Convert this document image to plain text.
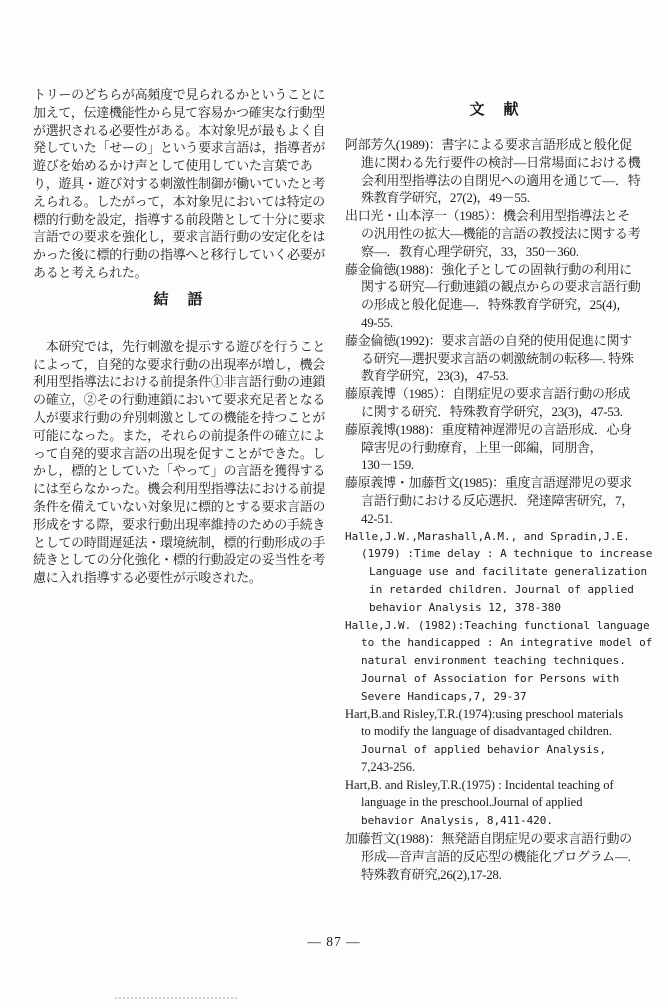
トリーのどちらが高頻度で見られるかということに
加えて，伝達機能性から見て容易かつ確実な行動型
が選択される必要性がある。本対象児が最もよく自
発していた「せーの」という要求言語は，指導者が
遊びを始めるかけ声として使用していた言葉であ
り，遊具・遊び対する刺激性制御が働いていたと考
えられる。したがって，本対象児においては特定の
標的行動を設定，指導する前段階として十分に要求
言語での要求を強化し，要求言語行動の安定化をは
かった後に標的行動の指導へと移行していく必要が
あると考えられた。
結　語
　本研究では，先行刺激を提示する遊びを行うこと
によって，自発的な要求行動の出現率が増し，機会
利用型指導法における前提条件①非言語行動の連鎖
の確立，②その行動連鎖において要求充足者となる
人が要求行動の弁別刺激としての機能を持つことが
可能になった。また，それらの前提条件の確立によ
って自発的要求言語の出現を促すことができた。し
かし，標的としていた「やって」の言語を獲得する
には至らなかった。機会利用型指導法における前提
条件を備えていない対象児に標的とする要求言語の
形成をする際，要求行動出現率維持のための手続き
としての時間遅延法・環境統制，標的行動形成の手
続きとしての分化強化・標的行動設定の妥当性を考
慮に入れ指導する必要性が示唆された。
文　献
阿部芳久(1989)：書字による要求言語形成と般化促
進に関わる先行要件の検討―日常場面における機
会利用型指導法の自閉児への適用を通じて―．特
殊教育学研究，27(2)，49－55.
出口光・山本淳一（1985）：機会利用型指導法とそ
の汎用性の拡大―機能的言語の教授法に関する考
察―．教育心理学研究，33，350－360.
藤金倫徳(1988)：強化子としての固執行動の利用に
関する研究―行動連鎖の観点からの要求言語行動
の形成と般化促進―．特殊教育学研究，25(4)，
49-55.
藤金倫徳(1992)：要求言語の自発的使用促進に関す
る研究―選択要求言語の刺激統制の転移―. 特殊
教育学研究，23(3)，47-53.
藤原義博（1985）：自閉症児の要求言語行動の形成
に関する研究．特殊教育学研究，23(3)，47-53.
藤原義博(1988)：重度精神遅滞児の言語形成．心身
障害児の行動療育，上里一郎編，同朋舎，
130－159.
藤原義博・加藤哲文(1985)：重度言語遅滞児の要求
言語行動における反応選択．発達障害研究，7，
42-51.
Halle,J.W.,Marashall,A.M., and Spradin,J.E.
(1979) :Time delay : A technique to increase
Language use and facilitate generalization
in retarded children. Journal of applied
behavior Analysis 12, 378-380
Halle,J.W. (1982):Teaching functional language
to the handicapped : An integrative model of
natural environment teaching techniques.
Journal of Association for Persons with
Severe Handicaps,7, 29-37
Hart,B.and Risley,T.R.(1974):using preschool materials
to modify the language of disadvantaged children.
Journal of applied behavior Analysis,
7,243-256.
Hart,B. and Risley,T.R.(1975) : Incidental teaching of
language in the preschool.Journal of applied
behavior Analysis, 8,411-420.
加藤哲文(1988)：無発語自閉症児の要求言語行動の
形成―音声言語的反応型の機能化プログラム―.
特殊教育研究,26(2),17-28.
— 87 —
